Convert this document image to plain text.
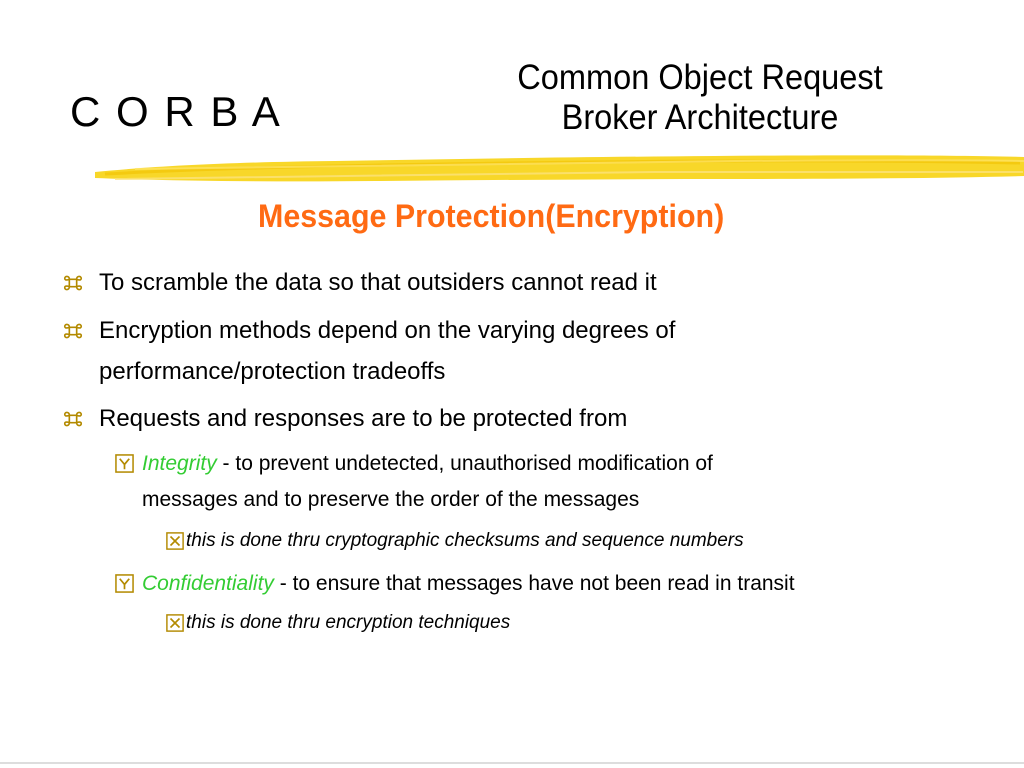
C O R B A
Common Object Request
Broker Architecture
Message Protection(Encryption)
To scramble the data so that outsiders cannot read it
Encryption methods depend on the varying degrees of
performance/protection tradeoffs
Requests and responses are to be protected from
Integrity - to prevent undetected, unauthorised modification of
messages and to preserve the order of the messages
this is done thru cryptographic checksums and sequence numbers
Confidentiality - to ensure that messages have not been read in transit
this is done thru encryption techniques
